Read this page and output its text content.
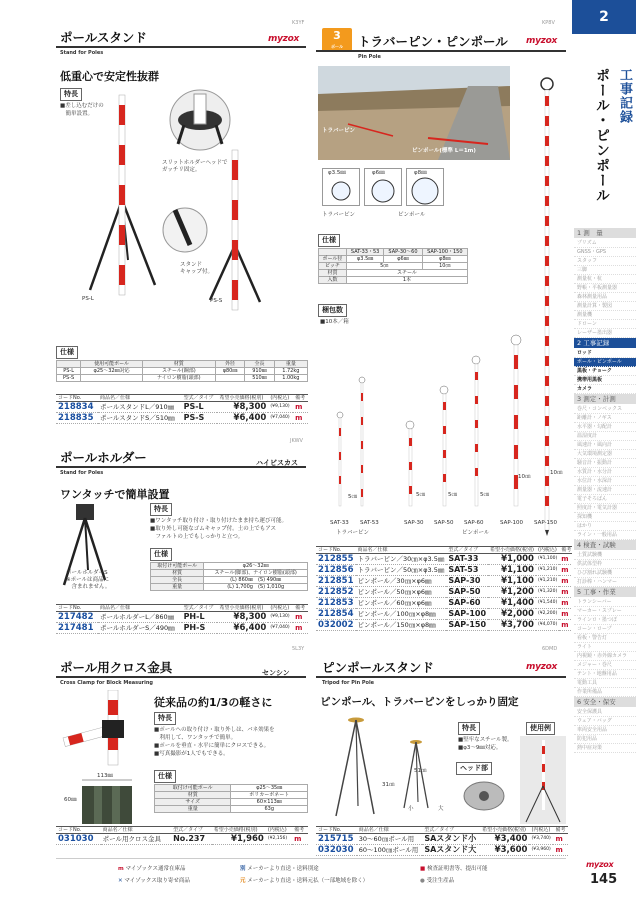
K3YF
ポールスタンド
Stand for Poles
myzox
低重心で安定性抜群
特長
■差し込むだけの
　簡単設置。
スリットホルダーヘッドで
ガッチリ固定。
スタンド
キャップ付。
PS-L	PS-S
仕様
	使用可能ポール	材質	外径	全長	重量
PS-L	φ25〜32㎜対応	スチール(鋼部)	φ80㎜	910㎜	1.72kg
PS-S		ナイロン樹脂(頭部)		510㎜	1.00kg
コードNo.	商品名／仕様	型式／タイプ	希望小売価格(税別)	(内税込)	備考
218834	ポールスタンドL／910㎜	PS-L	¥8,300	(¥9,130)	m
218835	ポールスタンドS／510㎜	PS-S	¥6,400	(¥7,040)	m
JKWV
ポールホルダー
Stand for Poles
ハイビスカス
ワンタッチで簡単設置
特長
■ワンタッチ取り付け・取り付けたまま持ち運び可能。
■取り外し可能なゴムキャップ付。土の上でもアス
　ファルトの上でもしっかりと立つ。
ポールホルダーS
※ポールは商品に
　含まれません。
仕様
取付け可能ポール	φ26〜32㎜
材質	スチール(脚部)、ナイロン樹脂(頭部)
全長	(L) 860㎜　(S) 490㎜
重量	(L) 1,700g　(S) 1,010g
コードNo.	商品名／仕様	型式／タイプ	希望小売価格(税別)	(内税込)	備考
217482	ポールホルダーL／860㎜	PH-L	¥8,300	(¥9,130)	m
217481	ポールホルダーS／490㎜	PH-S	¥6,400	(¥7,040)	m
5L3Y
ポール用クロス金具
Cross Clamp for Block Measuring
センシン
従来品の約1/3の軽さに
特長
■ポールへの取り付け・取り外しは、バネ効果を
　利用して、ワンタッチで簡単。
■ポールを垂直・水平に簡単にクロスできる。
■写真撮影が1人でもできる。
113㎜
60㎜
仕様
取付け可能ポール	φ25〜35㎜
材質	ポリカーボネート
サイズ	60×113㎜
重量	63g
コードNo.	商品名／仕様	型式／タイプ	希望小売価格(税別)	(内税込)	備考
031030	ポール用クロス金具	No.237	¥1,960	(¥2,156)	m
KP8V
3
ポール	トラバーピン・ピンポール
Pin Pole
myzox
トラバーピン
ピンポール(標準 L＝1m)
φ3.5㎜	φ6㎜	φ8㎜
トラバーピン	ピンポール
仕様
	SAT-33・53	SAP-30〜60	SAP-100・150
ポール径	φ3.5㎜	φ6㎜	φ8㎜
ピッチ	5㎝		10㎝
材質	スチール		
入数	1本		
梱包数
■10本／箱
5㎝	5㎝	5㎝	5㎝
10㎝
10㎝
SAT-33 SAT-53	SAP-30 SAP-50 SAP-60	SAP-100 SAP-150
トラバーピン	ピンポール
コードNo.	商品名／仕様	型式／タイプ	希望小売価格(税別)	(内税込)	備考
212855	トラバーピン／30㎝×φ3.5㎜	SAT-33	¥1,000	(¥1,100)	m
212856	トラバーピン／50㎝×φ3.5㎜	SAT-53	¥1,100	(¥1,210)	m
212851	ピンポール／30㎝×φ6㎜	SAP-30	¥1,100	(¥1,210)	m
212852	ピンポール／50㎝×φ6㎜	SAP-50	¥1,200	(¥1,320)	m
212853	ピンポール／60㎝×φ6㎜	SAP-60	¥1,400	(¥1,540)	m
212854	ピンポール／100㎝×φ8㎜	SAP-100	¥2,000	(¥2,200)	m
032002	ピンポール／150㎝×φ8㎜	SAP-150	¥3,700	(¥4,070)	m
6DMD
ピンポールスタンド
Tripod for Pin Pole
myzox
ピンポール、トラバーピンをしっかり固定
51㎝
31㎝
小	大
特長
■堅牢なスチール製。
■φ3〜9㎜対応。
ヘッド部
使用例
コードNo.	商品名／仕様	型式／タイプ	希望小売価格(税別)	(内税込)	備考
215715	30〜60㎝ポール用	SAスタンド小	¥3,400	(¥3,740)	m
032030	60〜100㎝ポール用	SAスタンド大	¥3,600	(¥3,960)	m
2
ポール・ピンポール 工事記録
1 測　量
プリズム
GNSS・GPS
スタッフ
三脚
測量杭・杭
野帳・平板測量器
森林測量用品
測量計算・製図
測量機
ドローン
レーザー墨出器
2 工事記録
ロッド
ポール・ピンポール
黒板・チョーク
携帯用黒板
カメラ
3 測定・計測
巻尺・コンベックス
距離計・ノギス
水平器・勾配計
温湿度計
風速計・風向計
大気環境測定器
騒音計・振動計
水質計・水分計
水位計・水深計
測量器・流速計
電子そろばん
照度計・電気計器
探知機
はかり
ライン・一般用品
4 検査・試験
土質試験機
供試体型枠
ひび割れ試験機
打診棒・ハンマー
5 工事・作業
トランシーバー
マーカー・スプレー
ラインロ・墨つぼ
コーン・ロープ
看板・警告灯
ライト
内視鏡・赤外線カメラ
メジャー・巻尺
テント・地盤用品
電動工具
作業所備品
6 安全・保安
安全保護具
ウェア・バッグ
車両安全用品
防犯用品
熱中症対策
m マイゾックス通常在庫品
✕ マイゾックス取り寄せ商品
別 メーカーより直送・送料別途
元 メーカーより直送・送料元払（一部地域を除く）
■ 検査証明書等、提出可能
● 受注生産品
myzox
145
